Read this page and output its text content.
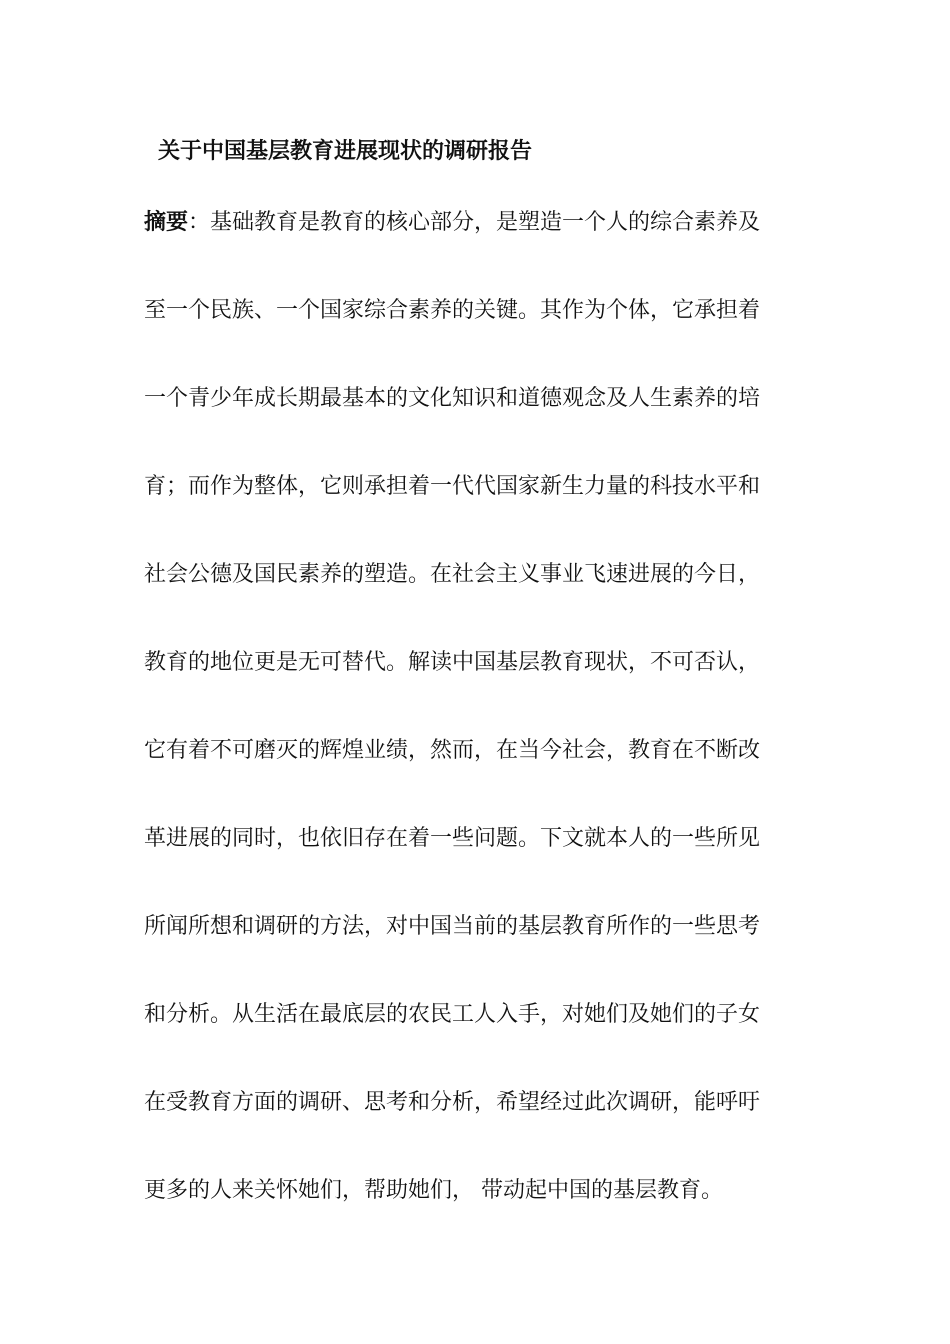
关于中国基层教育进展现状的调研报告
摘要：基础教育是教育的核心部分，是塑造一个人的综合素养及
至一个民族、一个国家综合素养的关键。其作为个体，它承担着
一个青少年成长期最基本的文化知识和道德观念及人生素养的培
育；而作为整体，它则承担着一代代国家新生力量的科技水平和
社会公德及国民素养的塑造。在社会主义事业飞速进展的今日，
教育的地位更是无可替代。解读中国基层教育现状，不可否认，
它有着不可磨灭的辉煌业绩，然而，在当今社会，教育在不断改
革进展的同时，也依旧存在着一些问题。下文就本人的一些所见
所闻所想和调研的方法，对中国当前的基层教育所作的一些思考
和分析。从生活在最底层的农民工人入手，对她们及她们的子女
在受教育方面的调研、思考和分析，希望经过此次调研，能呼吁
更多的人来关怀她们，帮助她们， 带动起中国的基层教育。
